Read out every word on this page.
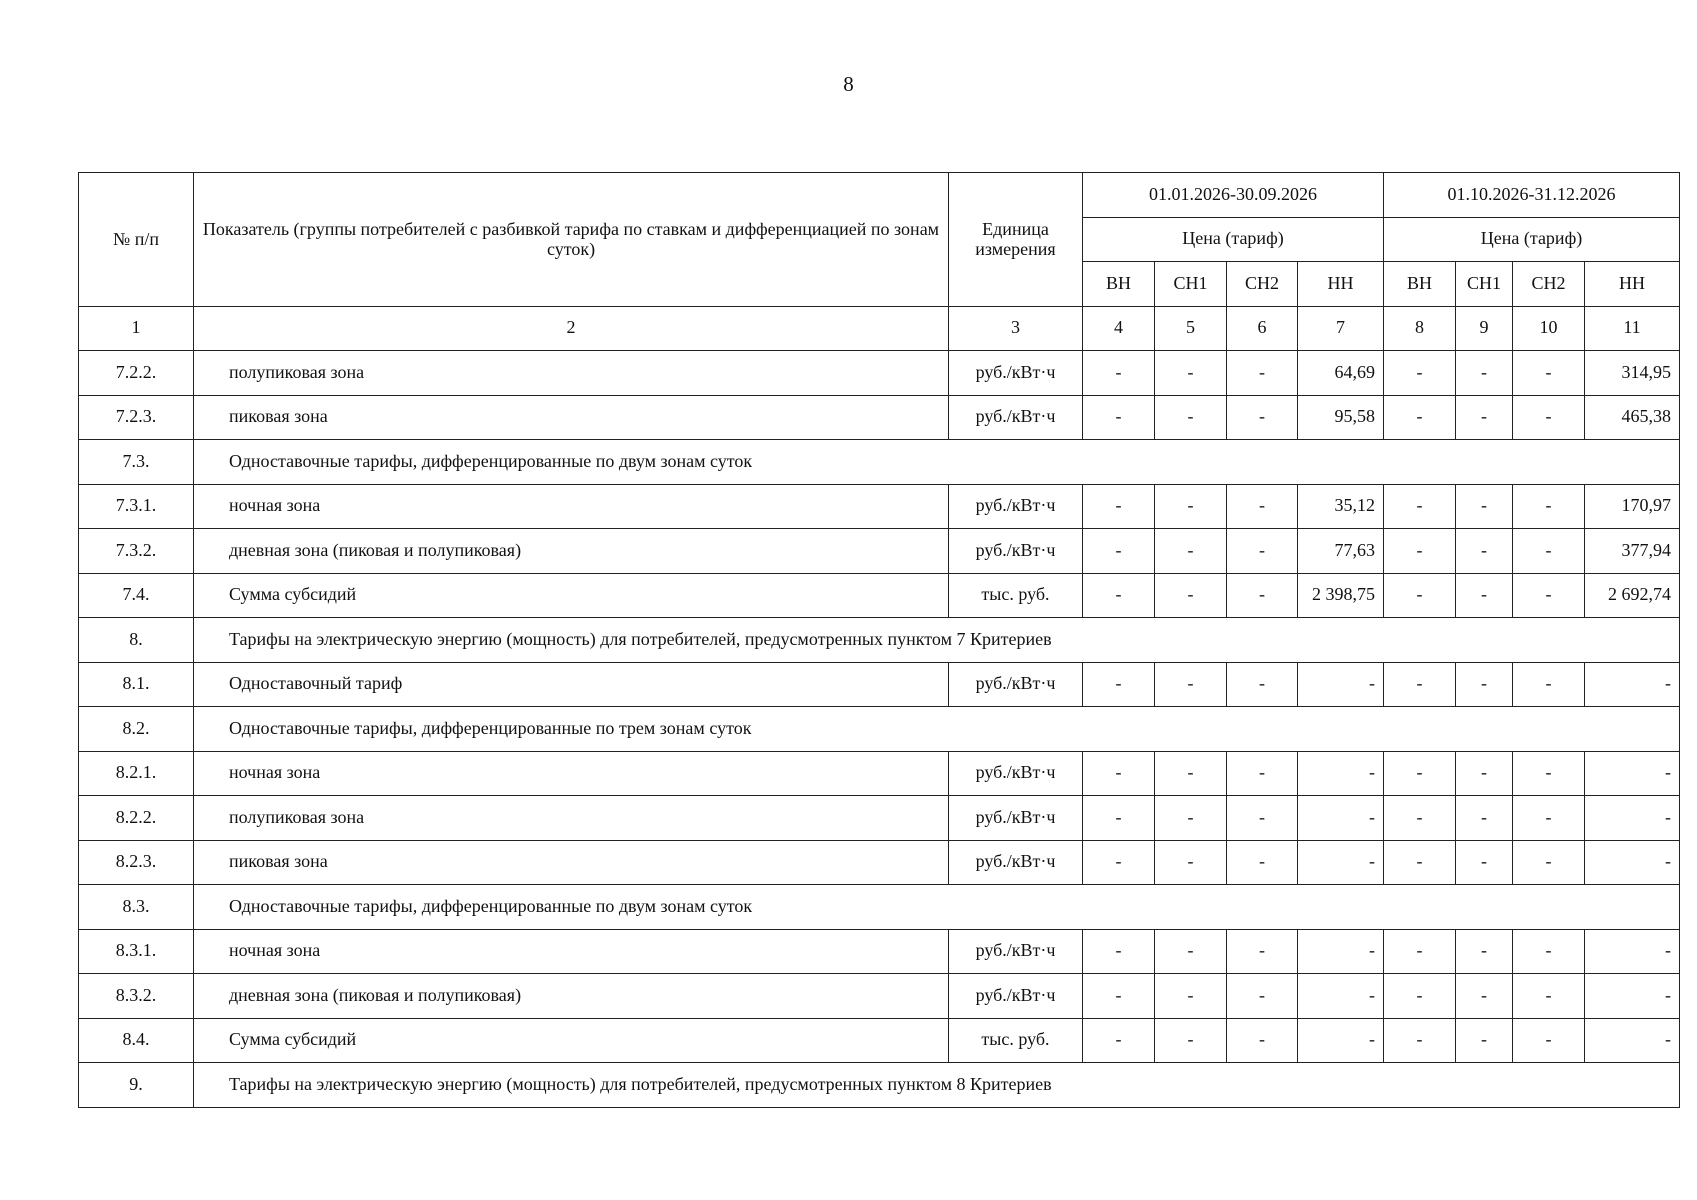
8
№ п/п	Показатель (группы потребителей с разбивкой тарифа по ставкам и дифференциацией по зонам суток)	Единица измерения	01.01.2026-30.09.2026				01.10.2026-31.12.2026			
			Цена (тариф)				Цена (тариф)			
			ВН	СН1	СН2	НН	ВН	СН1	СН2	НН
1	2	3	4	5	6	7	8	9	10	11
7.2.2.	полупиковая зона	руб./кВт·ч	-	-	-	64,69	-	-	-	314,95
7.2.3.	пиковая зона	руб./кВт·ч	-	-	-	95,58	-	-	-	465,38
7.3.	Одноставочные тарифы, дифференцированные по двум зонам суток									
7.3.1.	ночная зона	руб./кВт·ч	-	-	-	35,12	-	-	-	170,97
7.3.2.	дневная зона (пиковая и полупиковая)	руб./кВт·ч	-	-	-	77,63	-	-	-	377,94
7.4.	Сумма субсидий	тыс. руб.	-	-	-	2 398,75	-	-	-	2 692,74
8.	Тарифы на электрическую энергию (мощность) для потребителей, предусмотренных пунктом 7 Критериев									
8.1.	Одноставочный тариф	руб./кВт·ч	-	-	-	-	-	-	-	-
8.2.	Одноставочные тарифы, дифференцированные по трем зонам суток									
8.2.1.	ночная зона	руб./кВт·ч	-	-	-	-	-	-	-	-
8.2.2.	полупиковая зона	руб./кВт·ч	-	-	-	-	-	-	-	-
8.2.3.	пиковая зона	руб./кВт·ч	-	-	-	-	-	-	-	-
8.3.	Одноставочные тарифы, дифференцированные по двум зонам суток									
8.3.1.	ночная зона	руб./кВт·ч	-	-	-	-	-	-	-	-
8.3.2.	дневная зона (пиковая и полупиковая)	руб./кВт·ч	-	-	-	-	-	-	-	-
8.4.	Сумма субсидий	тыс. руб.	-	-	-	-	-	-	-	-
9.	Тарифы на электрическую энергию (мощность) для потребителей, предусмотренных пунктом 8 Критериев									
